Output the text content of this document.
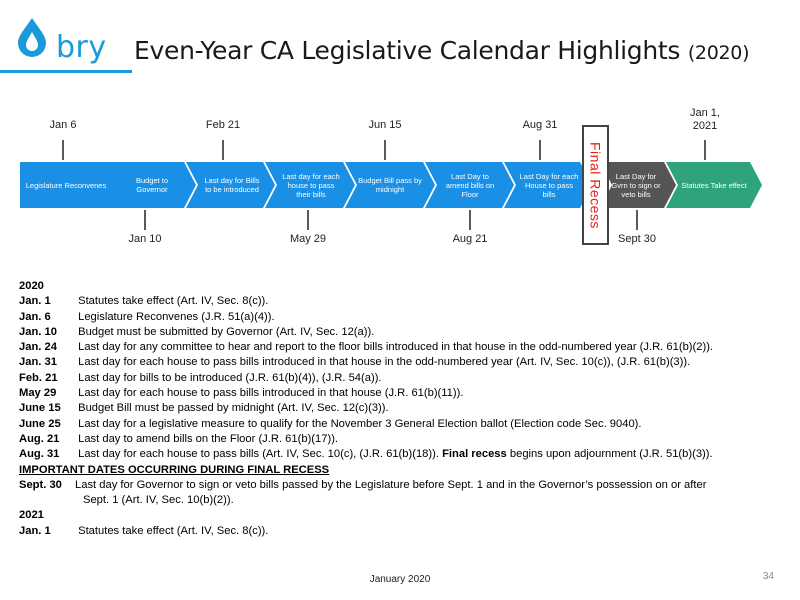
bry Even-Year CA Legislative Calendar Highlights (2020)
Legislature Reconvenes	Budget to Governor
Last day for Bills to be introduced
Last day for each house to pass their bills
Budget Bill pass by midnight
Last Day to amend bills on Floor
Last Day for each House to pass bills
Last Day for Gvrn to sign or veto bills
Statutes Take effect
Jan 6	Feb 21	Jun 15	Aug 31
Jan 1, 2021
Jan 10	May 29	Aug 21	Sept 30
Final Recess
2020
Jan. 1 Statutes take effect (Art. IV, Sec. 8(c)).
Jan. 6 Legislature Reconvenes (J.R. 51(a)(4)).
Jan. 10 Budget must be submitted by Governor (Art. IV, Sec. 12(a)).
Jan. 24 Last day for any committee to hear and report to the floor bills introduced in that house in the odd-numbered year (J.R. 61(b)(2)).
Jan. 31 Last day for each house to pass bills introduced in that house in the odd-numbered year (Art. IV, Sec. 10(c)), (J.R. 61(b)(3)).
Feb. 21 Last day for bills to be introduced (J.R. 61(b)(4)), (J.R. 54(a)).
May 29 Last day for each house to pass bills introduced in that house (J.R. 61(b)(11)).
June 15 Budget Bill must be passed by midnight (Art. IV, Sec. 12(c)(3)).
June 25 Last day for a legislative measure to qualify for the November 3 General Election ballot (Election code Sec. 9040).
Aug. 21 Last day to amend bills on the Floor (J.R. 61(b)(17)).
Aug. 31 Last day for each house to pass bills (Art. IV, Sec. 10(c), (J.R. 61(b)(18)). Final recess begins upon adjournment (J.R. 51(b)(3)).
IMPORTANT DATES OCCURRING DURING FINAL RECESS
Sept. 30 Last day for Governor to sign or veto bills passed by the Legislature before Sept. 1 and in the Governor’s possession on or after
Sept. 1 (Art. IV, Sec. 10(b)(2)).
2021
Jan. 1 Statutes take effect (Art. IV, Sec. 8(c)).
January 2020	34
